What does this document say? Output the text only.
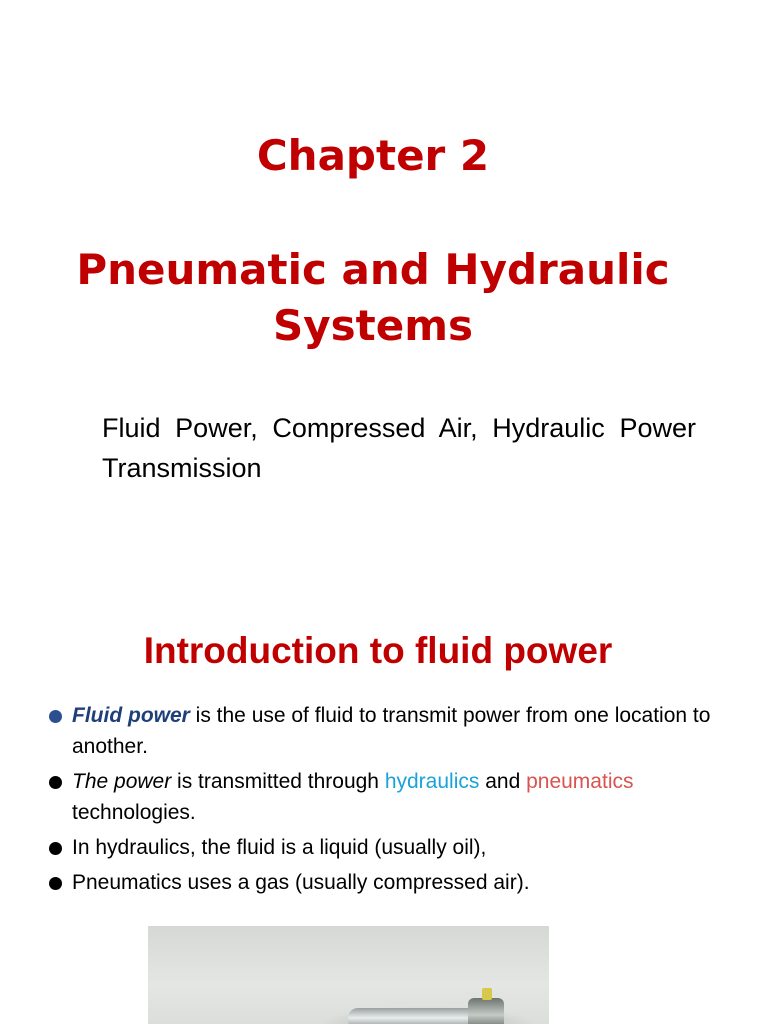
Chapter 2
Pneumatic and Hydraulic Systems

Fluid Power, Compressed Air, Hydraulic Power Transmission

Introduction to fluid power
Fluid power is the use of fluid to transmit power from one location to another.
The power is transmitted through hydraulics and pneumatics technologies.
In hydraulics, the fluid is a liquid (usually oil),
Pneumatics uses a gas (usually compressed air).
